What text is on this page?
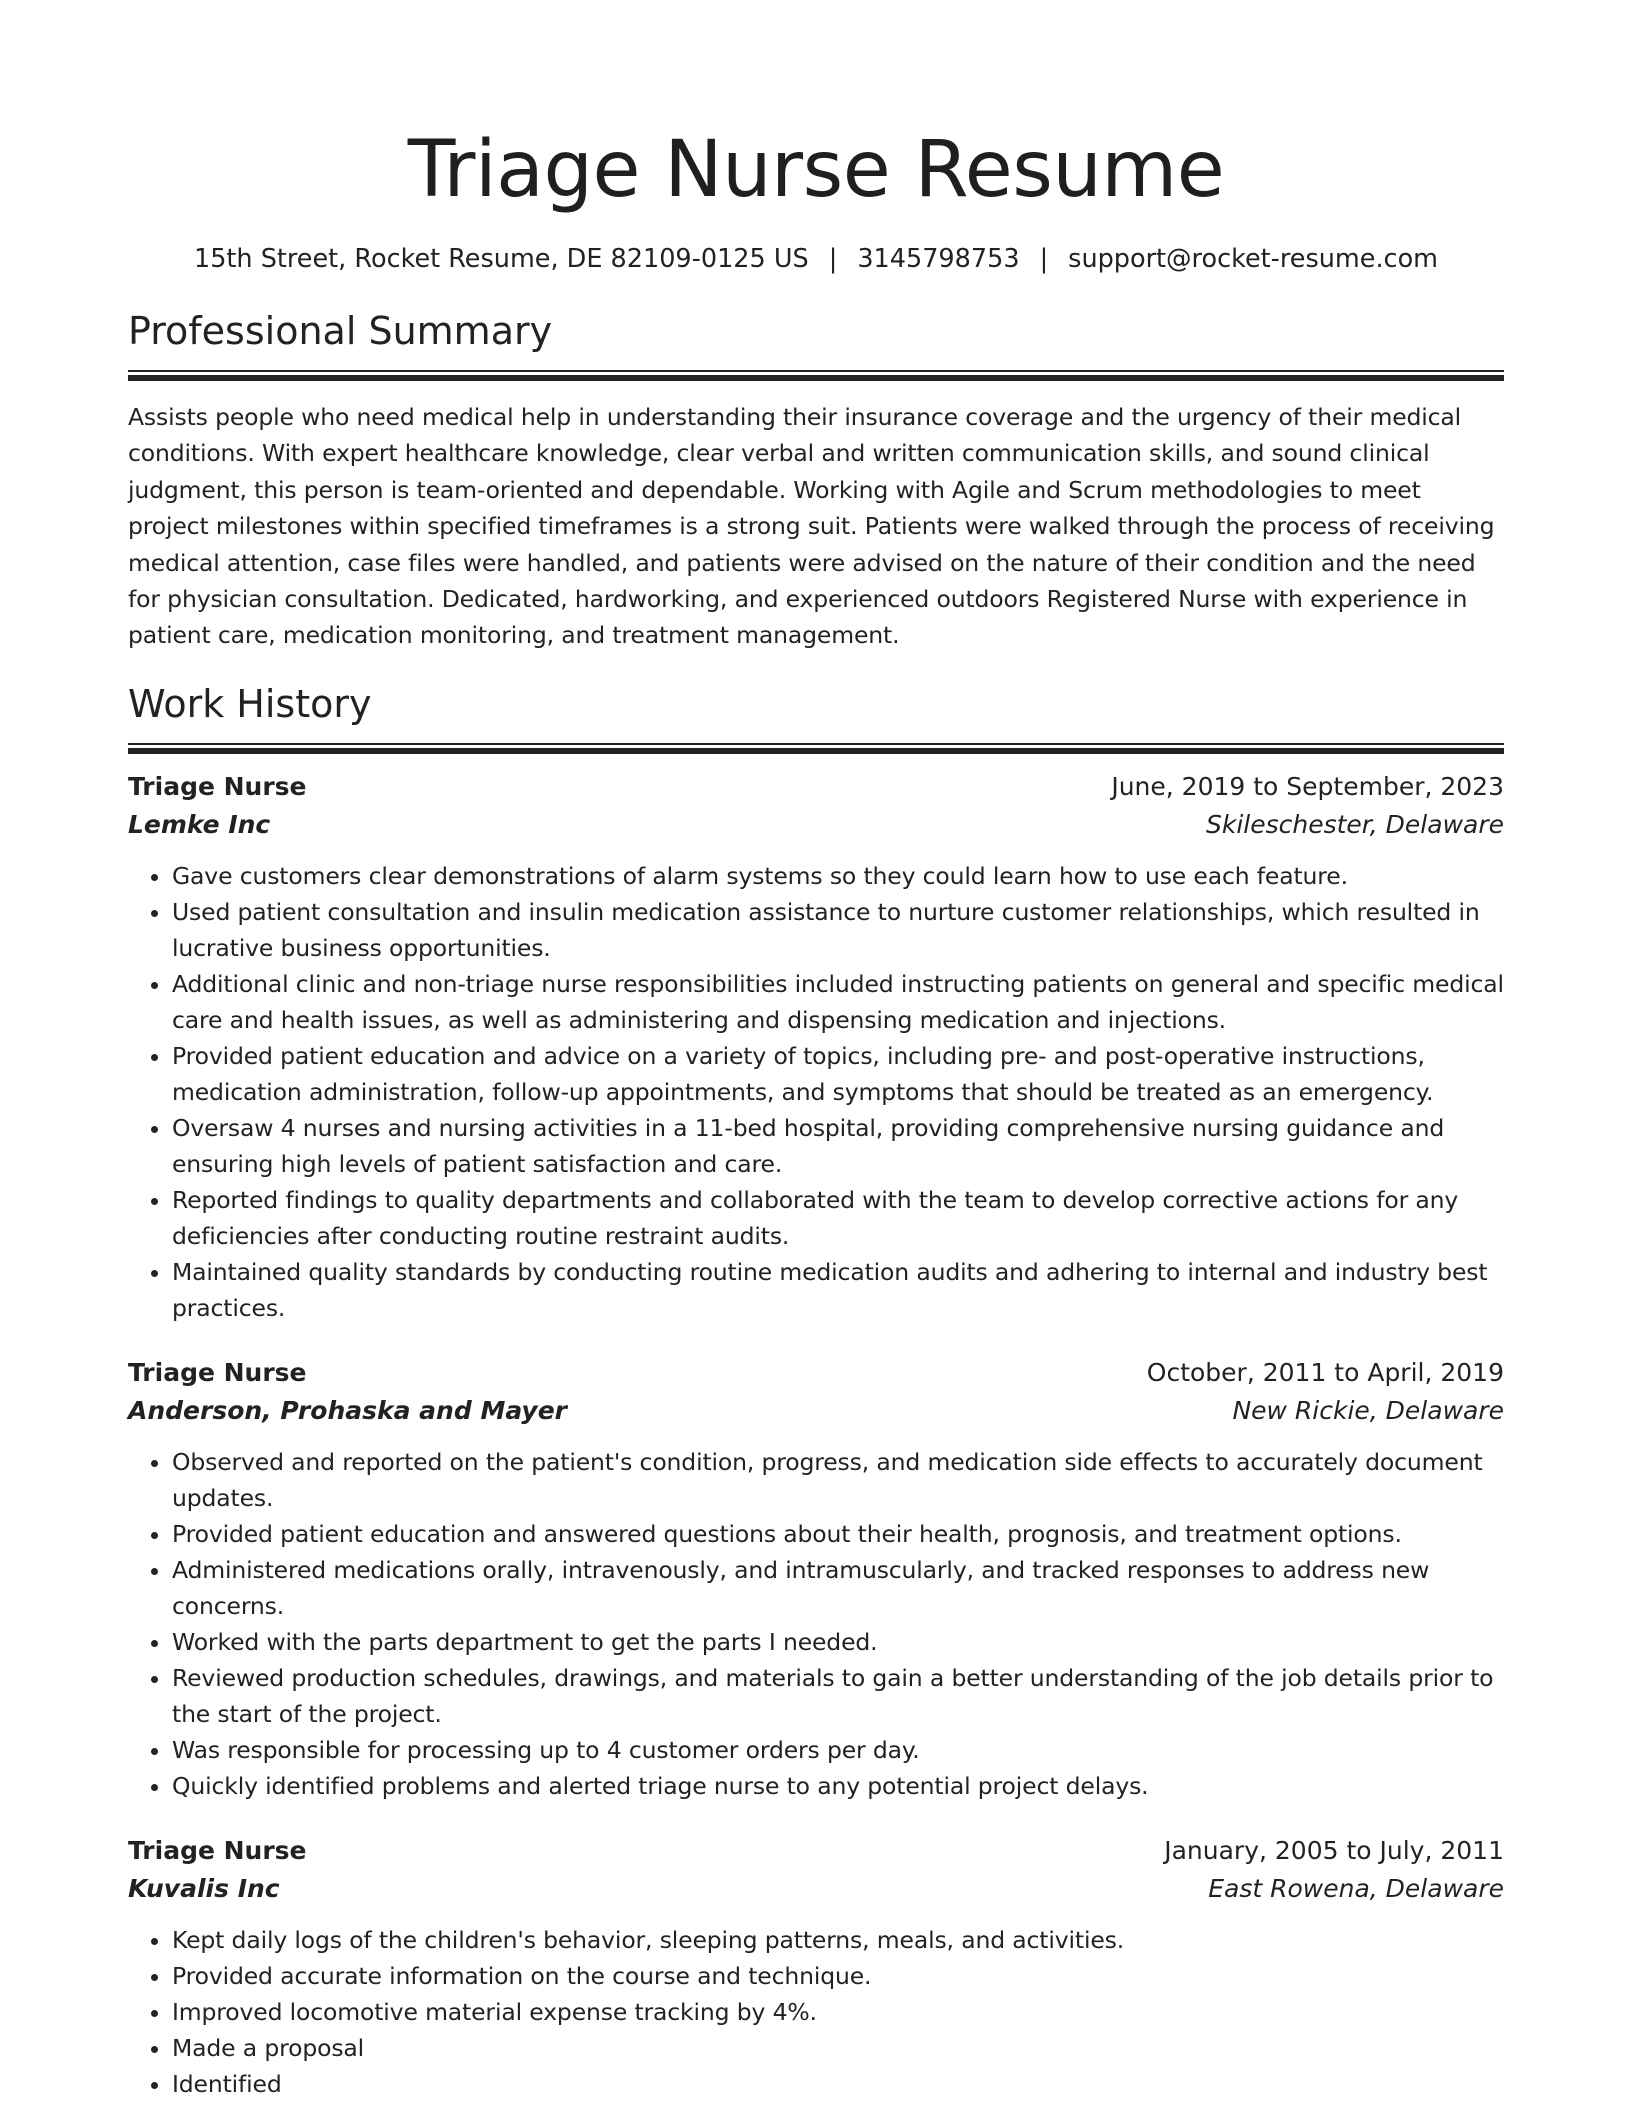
Triage Nurse Resume
15th Street, Rocket Resume, DE 82109-0125 US | 3145798753 | support@rocket-resume.com
Professional Summary

Assists people who need medical help in understanding their insurance coverage and the urgency of their medical conditions. With expert healthcare knowledge, clear verbal and written communication skills, and sound clinical judgment, this person is team-oriented and dependable. Working with Agile and Scrum methodologies to meet project milestones within specified timeframes is a strong suit. Patients were walked through the process of receiving medical attention, case files were handled, and patients were advised on the nature of their condition and the need for physician consultation. Dedicated, hardworking, and experienced outdoors Registered Nurse with experience in patient care, medication monitoring, and treatment management.

Work History
Triage Nurse	June, 2019 to September, 2023
Lemke Inc	Skileschester, Delaware
• Gave customers clear demonstrations of alarm systems so they could learn how to use each feature.
• Used patient consultation and insulin medication assistance to nurture customer relationships, which resulted in lucrative business opportunities.
• Additional clinic and non-triage nurse responsibilities included instructing patients on general and specific medical care and health issues, as well as administering and dispensing medication and injections.
• Provided patient education and advice on a variety of topics, including pre- and post-operative instructions, medication administration, follow-up appointments, and symptoms that should be treated as an emergency.
• Oversaw 4 nurses and nursing activities in a 11-bed hospital, providing comprehensive nursing guidance and ensuring high levels of patient satisfaction and care.
• Reported findings to quality departments and collaborated with the team to develop corrective actions for any deficiencies after conducting routine restraint audits.
• Maintained quality standards by conducting routine medication audits and adhering to internal and industry best practices.
Triage Nurse	October, 2011 to April, 2019
Anderson, Prohaska and Mayer	New Rickie, Delaware
• Observed and reported on the patient's condition, progress, and medication side effects to accurately document updates.
• Provided patient education and answered questions about their health, prognosis, and treatment options.
• Administered medications orally, intravenously, and intramuscularly, and tracked responses to address new concerns.
• Worked with the parts department to get the parts I needed.
• Reviewed production schedules, drawings, and materials to gain a better understanding of the job details prior to the start of the project.
• Was responsible for processing up to 4 customer orders per day.
• Quickly identified problems and alerted triage nurse to any potential project delays.
Triage Nurse	January, 2005 to July, 2011
Kuvalis Inc	East Rowena, Delaware
• Kept daily logs of the children's behavior, sleeping patterns, meals, and activities.
• Provided accurate information on the course and technique.
• Improved locomotive material expense tracking by 4%.
• Made a proposal
• Identified
